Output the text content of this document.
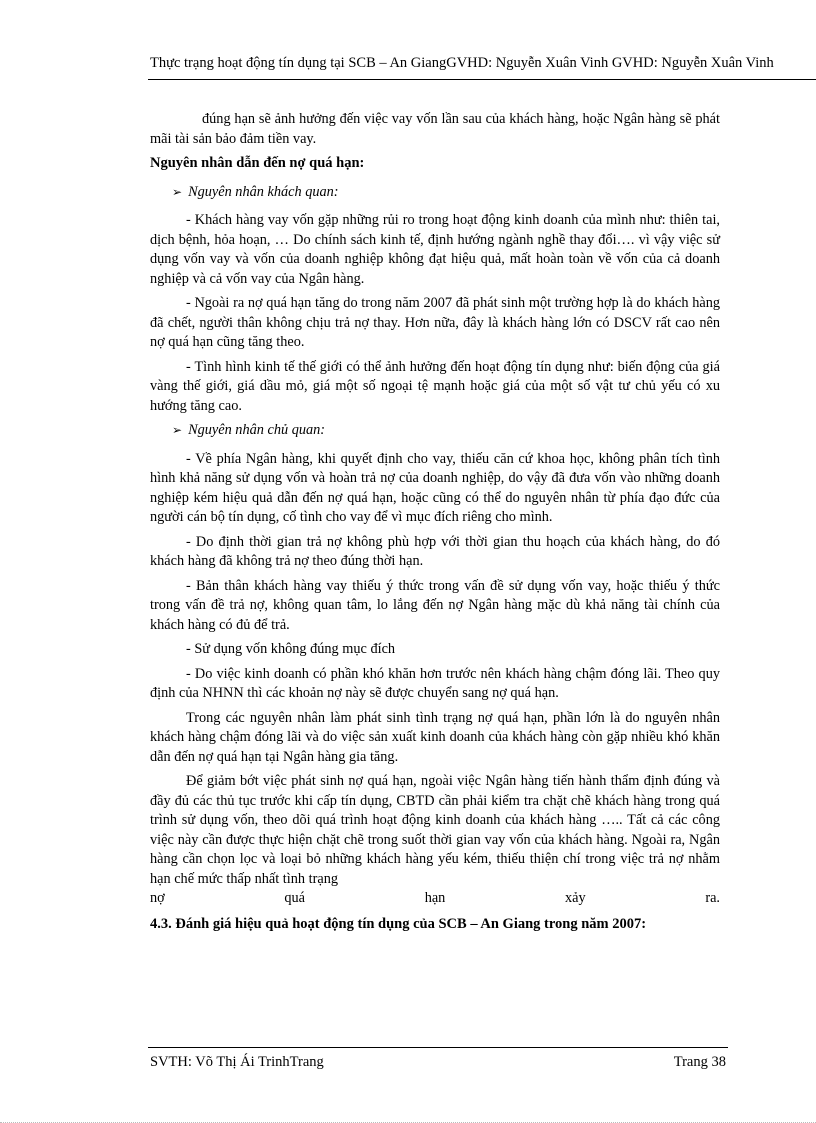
Thực trạng hoạt động tín dụng tại SCB – An GiangGVHD: Nguyễn Xuân Vinh GVHD: Nguyễn Xuân Vinh

đúng hạn sẽ ảnh hưởng đến việc vay vốn lần sau của khách hàng, hoặc Ngân hàng sẽ phát mãi tài sản bảo đảm tiền vay.

Nguyên nhân dẫn đến nợ quá hạn:
➢ Nguyên nhân khách quan:

- Khách hàng vay vốn gặp những rủi ro trong hoạt động kinh doanh của mình như: thiên tai, dịch bệnh, hỏa hoạn, … Do chính sách kinh tế, định hướng ngành nghề thay đổi…. vì vậy việc sử dụng vốn vay và vốn của doanh nghiệp không đạt hiệu quả, mất hoàn toàn về vốn của cả doanh nghiệp và cả vốn vay của Ngân hàng.

- Ngoài ra nợ quá hạn tăng do trong năm 2007 đã phát sinh một trường hợp là do khách hàng đã chết, người thân không chịu trả nợ thay. Hơn nữa, đây là khách hàng lớn có DSCV rất cao nên nợ quá hạn cũng tăng theo.

- Tình hình kinh tế thế giới có thể ảnh hưởng đến hoạt động tín dụng như: biến động của giá vàng thế giới, giá dầu mỏ, giá một số ngoại tệ mạnh hoặc giá của một số vật tư chủ yếu có xu hướng tăng cao.

➢ Nguyên nhân chủ quan:

- Về phía Ngân hàng, khi quyết định cho vay, thiếu căn cứ khoa học, không phân tích tình hình khả năng sử dụng vốn và hoàn trả nợ của doanh nghiệp, do vậy đã đưa vốn vào những doanh nghiệp kém hiệu quả dẫn đến nợ quá hạn, hoặc cũng có thể do nguyên nhân từ phía đạo đức của người cán bộ tín dụng, cố tình cho vay để vì mục đích riêng cho mình.

- Do định thời gian trả nợ không phù hợp với thời gian thu hoạch của khách hàng, do đó khách hàng đã không trả nợ theo đúng thời hạn.

- Bản thân khách hàng vay thiếu ý thức trong vấn đề sử dụng vốn vay, hoặc thiếu ý thức trong vấn đề trả nợ, không quan tâm, lo lắng đến nợ Ngân hàng mặc dù khả năng tài chính của khách hàng có đủ để trả.

- Sử dụng vốn không đúng mục đích

- Do việc kinh doanh có phần khó khăn hơn trước nên khách hàng chậm đóng lãi. Theo quy định của NHNN thì các khoản nợ này sẽ được chuyển sang nợ quá hạn.

Trong các nguyên nhân làm phát sinh tình trạng nợ quá hạn, phần lớn là do nguyên nhân khách hàng chậm đóng lãi và do việc sản xuất kinh doanh của khách hàng còn gặp nhiều khó khăn dẫn đến nợ quá hạn tại Ngân hàng gia tăng.

Để giảm bớt việc phát sinh nợ quá hạn, ngoài việc Ngân hàng tiến hành thẩm định đúng và đầy đủ các thủ tục trước khi cấp tín dụng, CBTD cần phải kiểm tra chặt chẽ khách hàng trong quá trình sử dụng vốn, theo dõi quá trình hoạt động kinh doanh của khách hàng ….. Tất cả các công việc này cần được thực hiện chặt chẽ trong suốt thời gian vay vốn của khách hàng. Ngoài ra, Ngân hàng cần chọn lọc và loại bỏ những khách hàng yếu kém, thiếu thiện chí trong việc trả nợ nhằm hạn chế mức thấp nhất tình trạng

nợ	quá	hạn	xảy	ra.
4.3. Đánh giá hiệu quả hoạt động tín dụng của SCB – An Giang trong năm 2007:
SVTH: Võ Thị Ái TrinhTrang	Trang 38
